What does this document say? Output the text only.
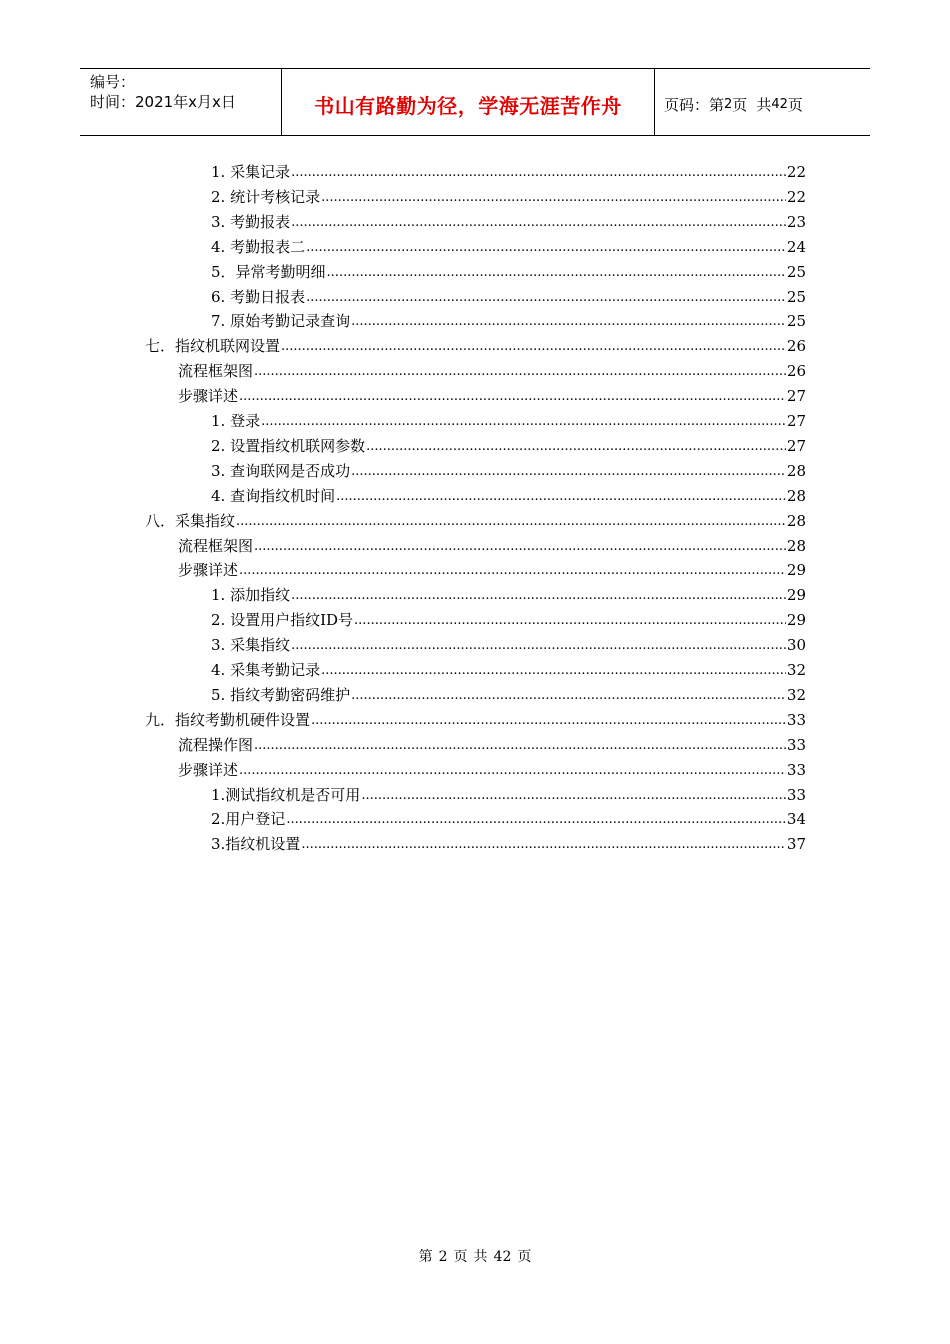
编号：
时间：2021年x月x日	书山有路勤为径，学海无涯苦作舟	页码：第 2 页 共 42 页
1. 采集记录 .....	22
2. 统计考核记录 .....	22
3. 考勤报表 .....	23
4. 考勤报表二 .....	24
5．异常考勤明细 .....	25
6. 考勤日报表 .....	25
7. 原始考勤记录查询 .....	25
七．指纹机联网设置 .....	26
流程框架图 .....	26
步骤详述 .....	27
1. 登录 .....	27
2. 设置指纹机联网参数 .....	27
3. 查询联网是否成功 .....	28
4. 查询指纹机时间 .....	28
八．采集指纹 .....	28
流程框架图 .....	28
步骤详述 .....	29
1. 添加指纹 .....	29
2. 设置用户指纹ID号 .....	29
3. 采集指纹 .....	30
4. 采集考勤记录 .....	32
5. 指纹考勤密码维护 .....	32
九．指纹考勤机硬件设置 .....	33
流程操作图 .....	33
步骤详述 .....	33
1.测试指纹机是否可用 .....	33
2.用户登记 .....	34
3.指纹机设置 .....	37
第 2 页 共 42 页
